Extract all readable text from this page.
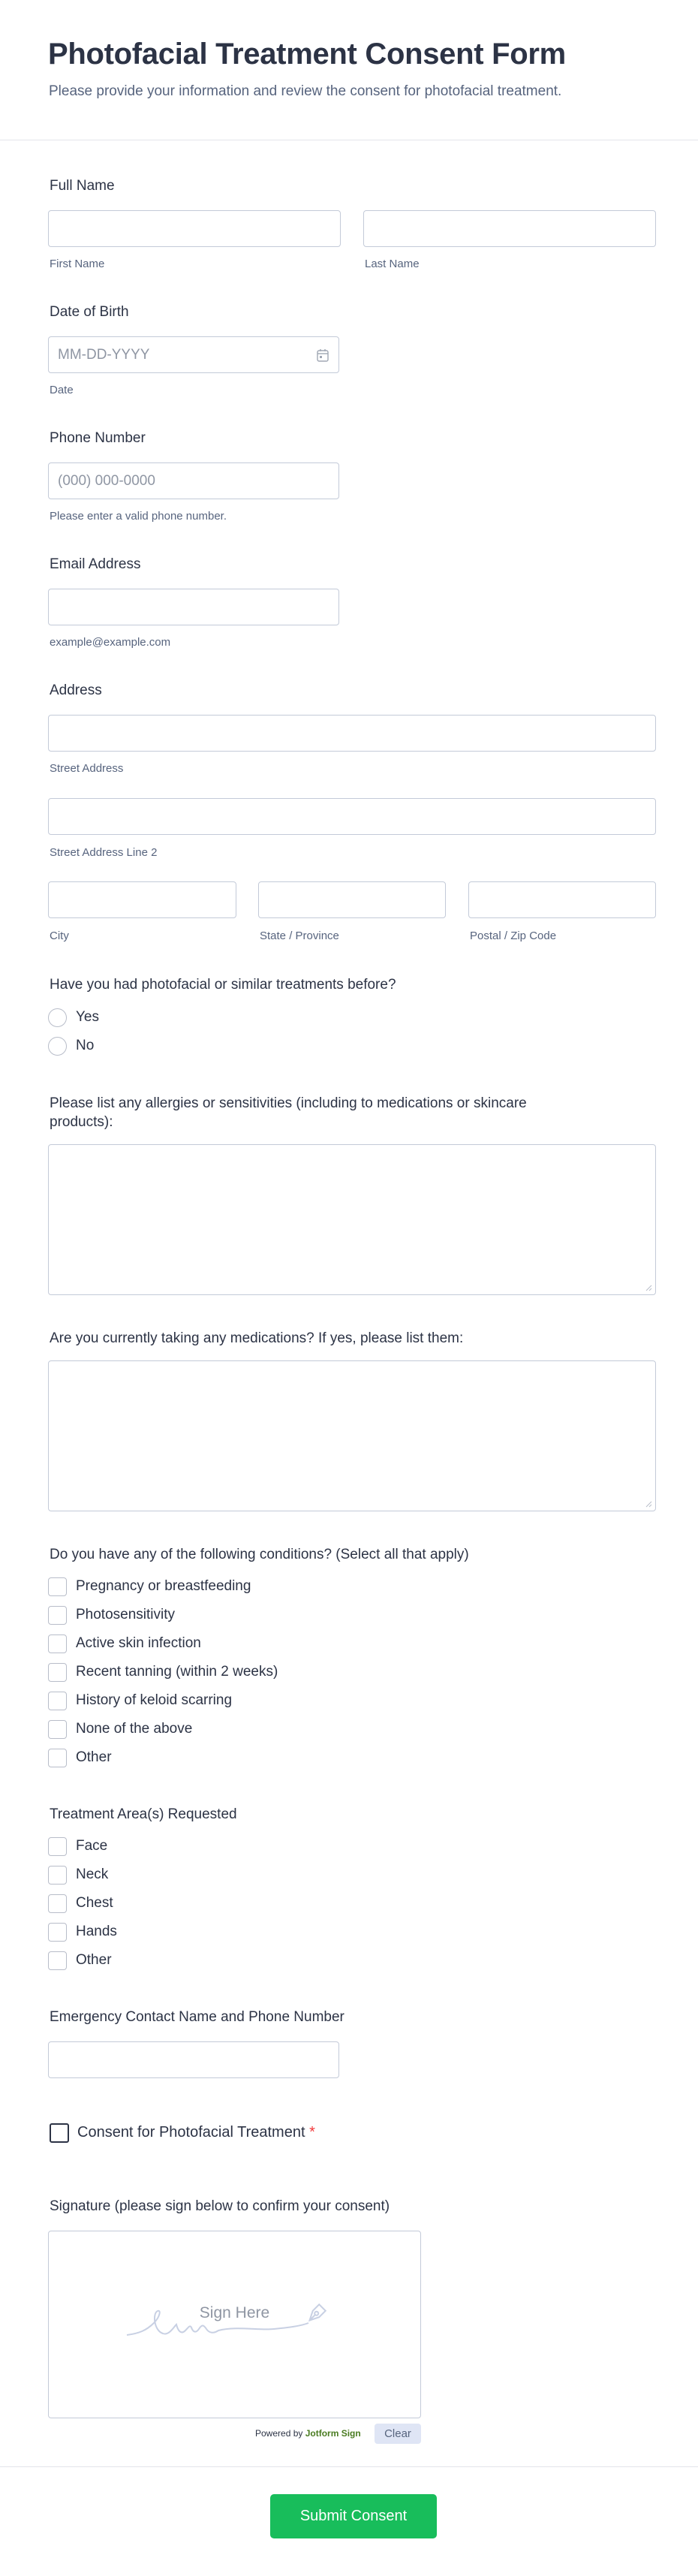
Photofacial Treatment Consent Form
Please provide your information and review the consent for photofacial treatment.
Full Name
First Name	Last Name
Date of Birth
MM-DD-YYYY
Date
Phone Number
(000) 000-0000
Please enter a valid phone number.
Email Address
example@example.com
Address
Street Address
Street Address Line 2
City	State / Province	Postal / Zip Code
Have you had photofacial or similar treatments before?
Yes
No
Please list any allergies or sensitivities (including to medications or skincare
products):
Are you currently taking any medications? If yes, please list them:
Do you have any of the following conditions? (Select all that apply)
Pregnancy or breastfeeding
Photosensitivity
Active skin infection
Recent tanning (within 2 weeks)
History of keloid scarring
None of the above
Other
Treatment Area(s) Requested
Face
Neck
Chest
Hands
Other
Emergency Contact Name and Phone Number
Consent for Photofacial Treatment *
Signature (please sign below to confirm your consent)
Sign Here
Powered by Jotform Sign	Clear
Submit Consent
